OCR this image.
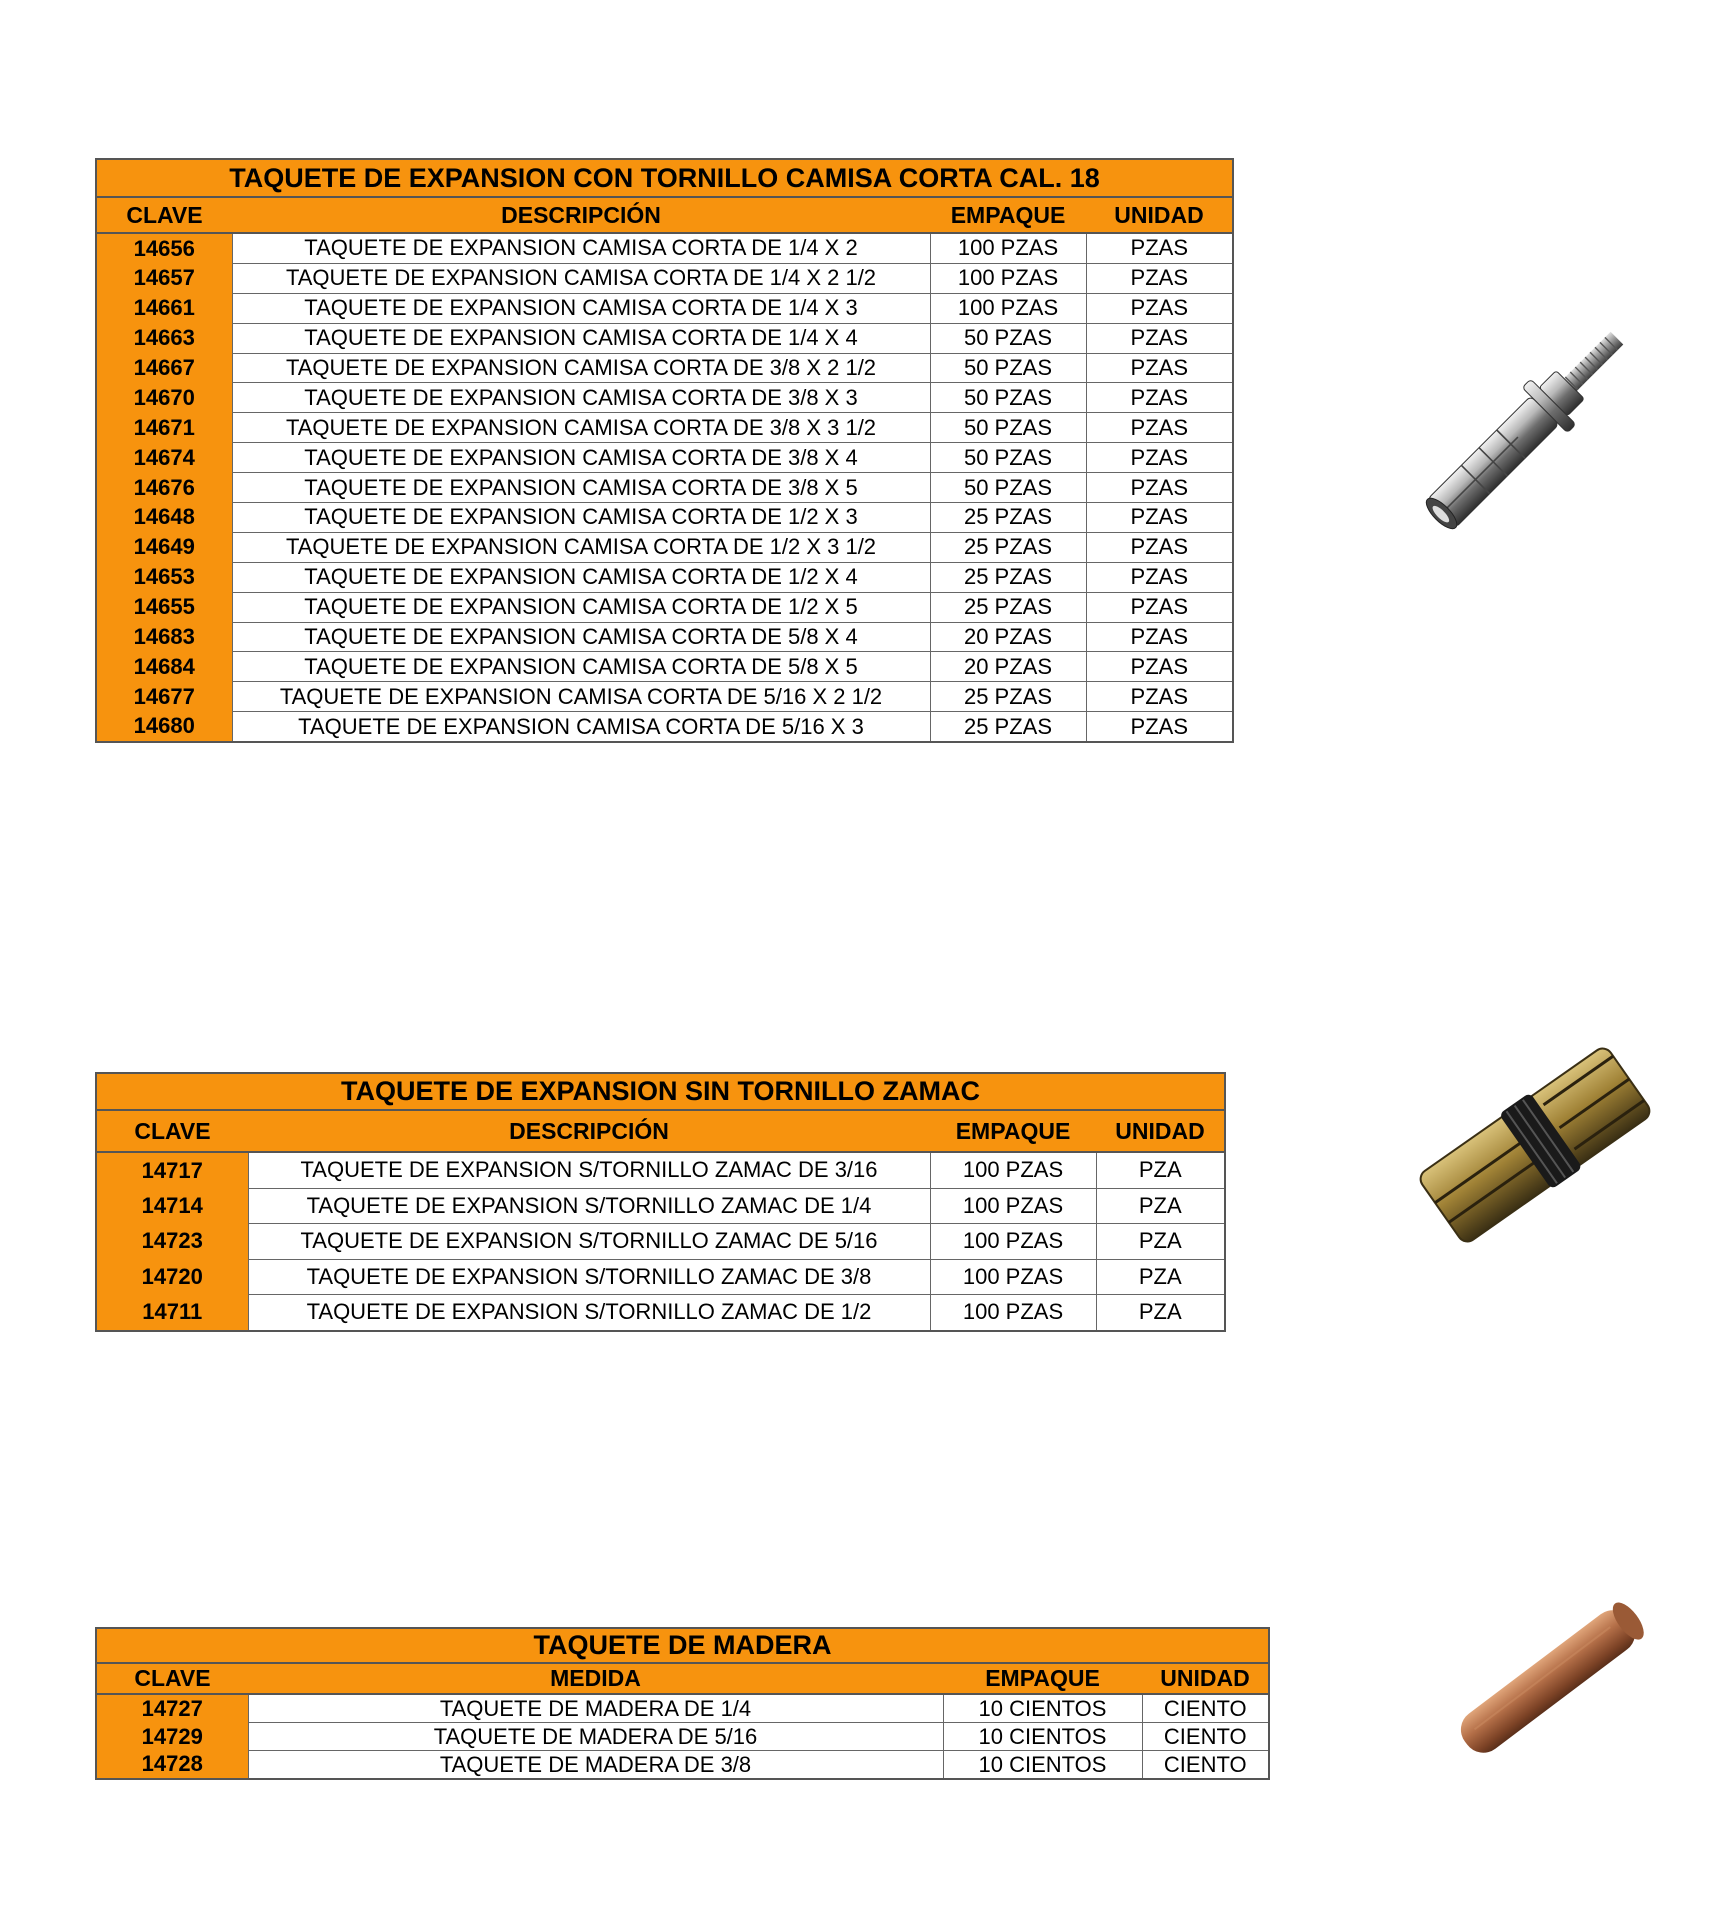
TAQUETE DE EXPANSION CON TORNILLO CAMISA CORTA CAL. 18			
CLAVE	DESCRIPCIÓN	EMPAQUE	UNIDAD
14656	TAQUETE DE EXPANSION CAMISA CORTA DE 1/4 X 2	100 PZAS	PZAS
14657	TAQUETE DE EXPANSION CAMISA CORTA DE 1/4 X 2 1/2	100 PZAS	PZAS
14661	TAQUETE DE EXPANSION CAMISA CORTA DE 1/4 X 3	100 PZAS	PZAS
14663	TAQUETE DE EXPANSION CAMISA CORTA DE 1/4 X 4	50 PZAS	PZAS
14667	TAQUETE DE EXPANSION CAMISA CORTA DE 3/8 X 2 1/2	50 PZAS	PZAS
14670	TAQUETE DE EXPANSION CAMISA CORTA DE 3/8 X 3	50 PZAS	PZAS
14671	TAQUETE DE EXPANSION CAMISA CORTA DE 3/8 X 3 1/2	50 PZAS	PZAS
14674	TAQUETE DE EXPANSION CAMISA CORTA DE 3/8 X 4	50 PZAS	PZAS
14676	TAQUETE DE EXPANSION CAMISA CORTA DE 3/8 X 5	50 PZAS	PZAS
14648	TAQUETE DE EXPANSION CAMISA CORTA DE 1/2 X 3	25 PZAS	PZAS
14649	TAQUETE DE EXPANSION CAMISA CORTA DE 1/2 X 3 1/2	25 PZAS	PZAS
14653	TAQUETE DE EXPANSION CAMISA CORTA DE 1/2 X 4	25 PZAS	PZAS
14655	TAQUETE DE EXPANSION CAMISA CORTA DE 1/2 X 5	25 PZAS	PZAS
14683	TAQUETE DE EXPANSION CAMISA CORTA DE 5/8 X 4	20 PZAS	PZAS
14684	TAQUETE DE EXPANSION CAMISA CORTA DE 5/8 X 5	20 PZAS	PZAS
14677	TAQUETE DE EXPANSION CAMISA CORTA DE 5/16 X 2 1/2	25 PZAS	PZAS
14680	TAQUETE DE EXPANSION CAMISA CORTA DE 5/16 X 3	25 PZAS	PZAS
TAQUETE DE EXPANSION SIN TORNILLO ZAMAC			
CLAVE	DESCRIPCIÓN	EMPAQUE	UNIDAD
14717	TAQUETE DE EXPANSION S/TORNILLO ZAMAC DE 3/16	100 PZAS	PZA
14714	TAQUETE DE EXPANSION S/TORNILLO ZAMAC DE 1/4	100 PZAS	PZA
14723	TAQUETE DE EXPANSION S/TORNILLO ZAMAC DE 5/16	100 PZAS	PZA
14720	TAQUETE DE EXPANSION S/TORNILLO ZAMAC DE 3/8	100 PZAS	PZA
14711	TAQUETE DE EXPANSION S/TORNILLO ZAMAC DE 1/2	100 PZAS	PZA
TAQUETE DE MADERA			
CLAVE	MEDIDA	EMPAQUE	UNIDAD
14727	TAQUETE DE MADERA DE 1/4	10 CIENTOS	CIENTO
14729	TAQUETE DE MADERA DE 5/16	10 CIENTOS	CIENTO
14728	TAQUETE DE MADERA DE 3/8	10 CIENTOS	CIENTO
